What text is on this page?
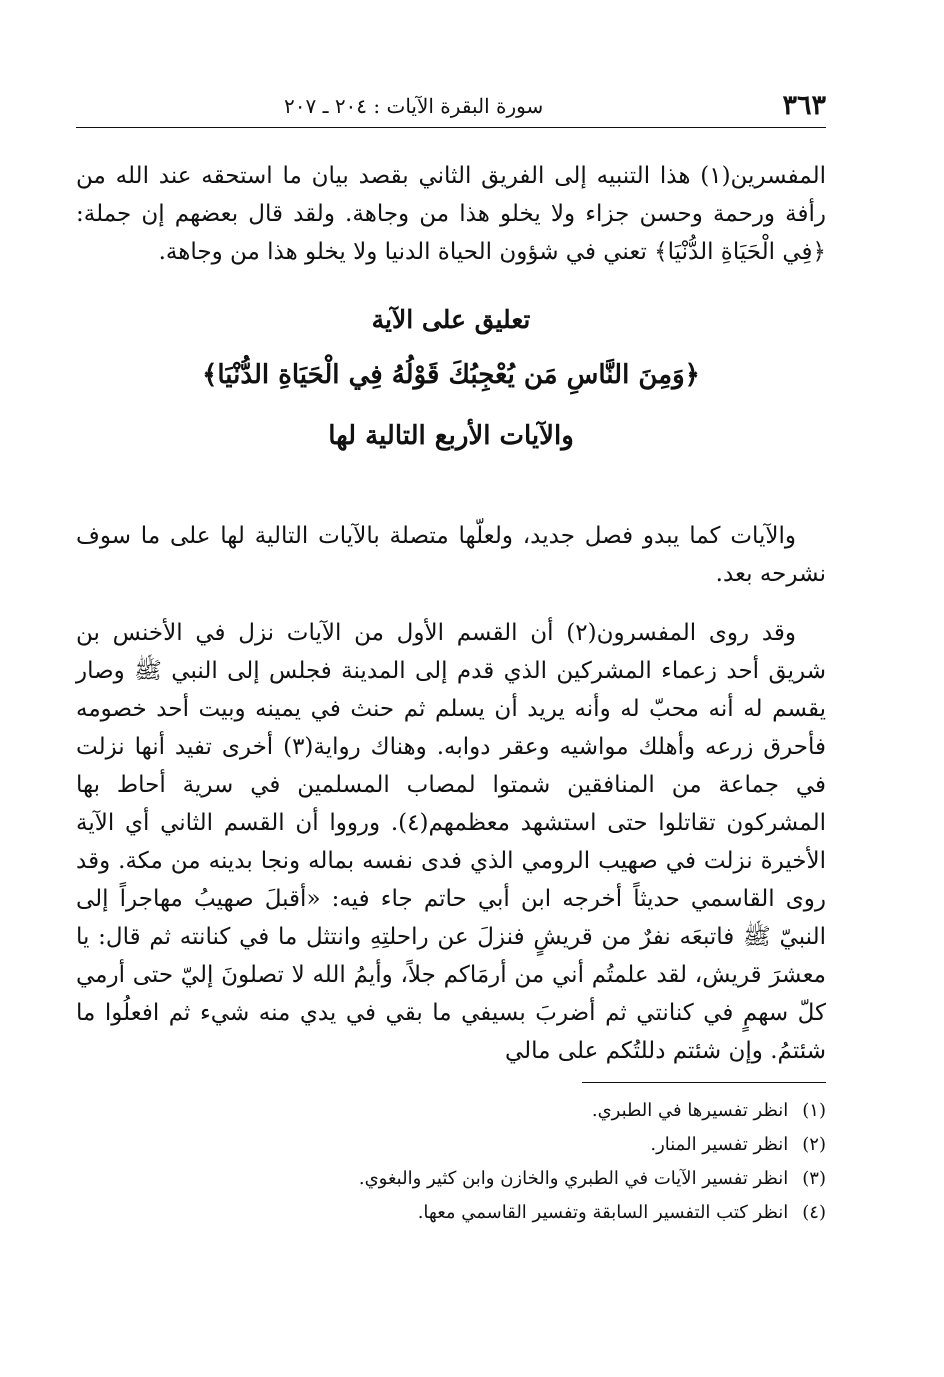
٣٦٣
سورة البقرة الآيات : ٢٠٤ ـ ٢٠٧

المفسرين(١) هذا التنبيه إلى الفريق الثاني بقصد بيان ما استحقه عند الله من رأفة ورحمة وحسن جزاء ولا يخلو هذا من وجاهة. ولقد قال بعضهم إن جملة: ﴿فِي الْحَيَاةِ الدُّنْيَا﴾ تعني في شؤون الحياة الدنيا ولا يخلو هذا من وجاهة.

تعليق على الآية
﴿وَمِنَ النَّاسِ مَن يُعْجِبُكَ قَوْلُهُ فِي الْحَيَاةِ الدُّنْيَا﴾
والآيات الأربع التالية لها

والآيات كما يبدو فصل جديد، ولعلّها متصلة بالآيات التالية لها على ما سوف نشرحه بعد.

وقد روى المفسرون(٢) أن القسم الأول من الآيات نزل في الأخنس بن شريق أحد زعماء المشركين الذي قدم إلى المدينة فجلس إلى النبي ﷺ وصار يقسم له أنه محبّ له وأنه يريد أن يسلم ثم حنث في يمينه وبيت أحد خصومه فأحرق زرعه وأهلك مواشيه وعقر دوابه. وهناك رواية(٣) أخرى تفيد أنها نزلت في جماعة من المنافقين شمتوا لمصاب المسلمين في سرية أحاط بها المشركون تقاتلوا حتى استشهد معظمهم(٤). ورووا أن القسم الثاني أي الآية الأخيرة نزلت في صهيب الرومي الذي فدى نفسه بماله ونجا بدينه من مكة. وقد روى القاسمي حديثاً أخرجه ابن أبي حاتم جاء فيه: «أقبلَ صهيبُ مهاجراً إلى النبيّ ﷺ فاتبعَه نفرٌ من قريشٍ فنزلَ عن راحلتِهِ وانتثل ما في كنانته ثم قال: يا معشرَ قريش، لقد علمتُم أني من أرمَاكم جلاً، وأيمُ الله لا تصلونَ إليّ حتى أرمي كلّ سهمٍ في كنانتي ثم أضربَ بسيفي ما بقي في يدي منه شيء ثم افعلُوا ما شئتمُ. وإن شئتم دللتُكم على مالي

(١)انظر تفسيرها في الطبري.
(٢)انظر تفسير المنار.
(٣)انظر تفسير الآيات في الطبري والخازن وابن كثير والبغوي.
(٤)انظر كتب التفسير السابقة وتفسير القاسمي معها.
